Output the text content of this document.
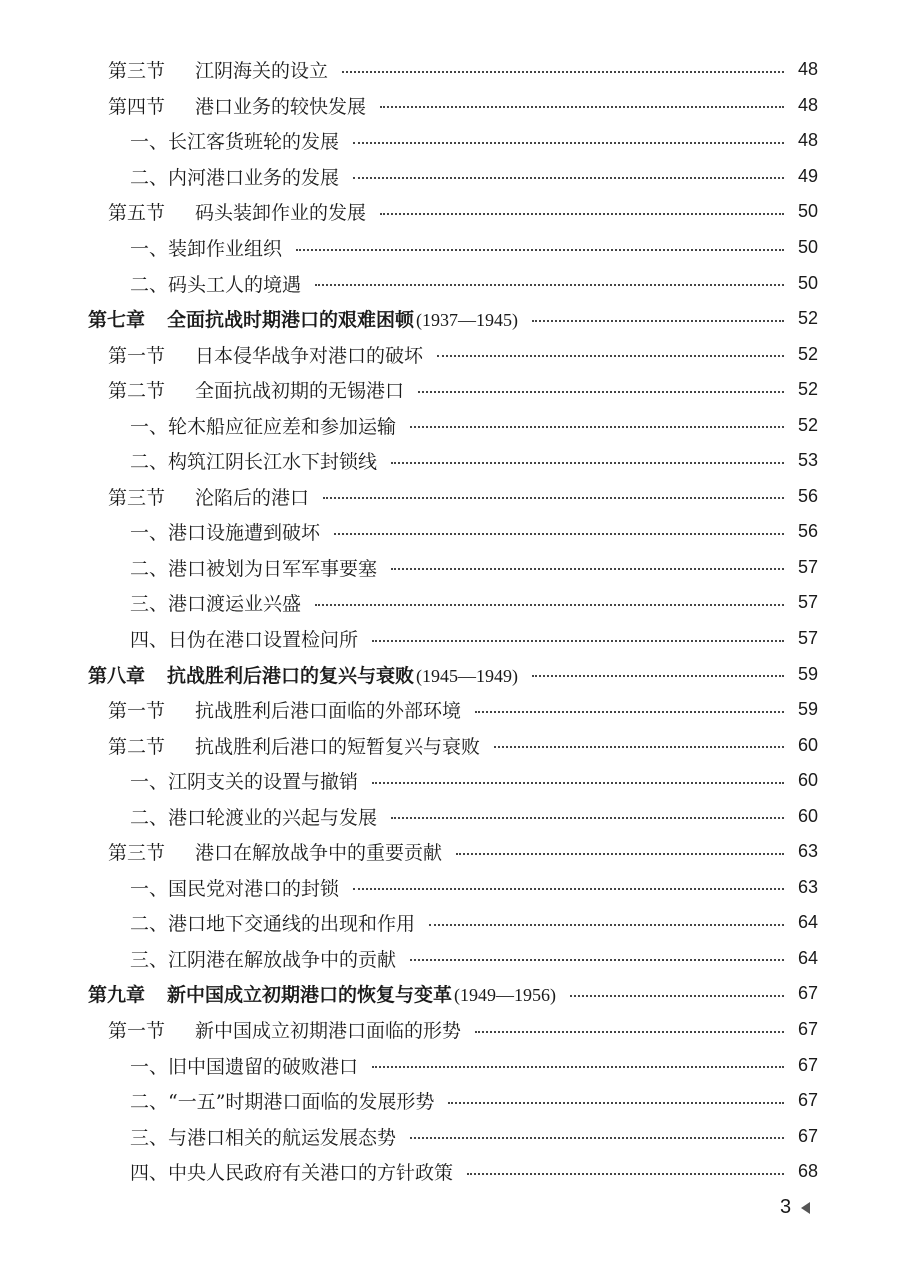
第三节 江阴海关的设立	48
第四节 港口业务的较快发展	48
一、长江客货班轮的发展	48
二、内河港口业务的发展	49
第五节 码头装卸作业的发展	50
一、装卸作业组织	50
二、码头工人的境遇	50
第七章 全面抗战时期港口的艰难困顿 (1937—1945)	52
第一节 日本侵华战争对港口的破坏	52
第二节 全面抗战初期的无锡港口	52
一、轮木船应征应差和参加运输	52
二、构筑江阴长江水下封锁线	53
第三节 沦陷后的港口	56
一、港口设施遭到破坏	56
二、港口被划为日军军事要塞	57
三、港口渡运业兴盛	57
四、日伪在港口设置检问所	57
第八章 抗战胜利后港口的复兴与衰败 (1945—1949)	59
第一节 抗战胜利后港口面临的外部环境	59
第二节 抗战胜利后港口的短暂复兴与衰败	60
一、江阴支关的设置与撤销	60
二、港口轮渡业的兴起与发展	60
第三节 港口在解放战争中的重要贡献	63
一、国民党对港口的封锁	63
二、港口地下交通线的出现和作用	64
三、江阴港在解放战争中的贡献	64
第九章 新中国成立初期港口的恢复与变革 (1949—1956)	67
第一节 新中国成立初期港口面临的形势	67
一、旧中国遗留的破败港口	67
二、“一五”时期港口面临的发展形势	67
三、与港口相关的航运发展态势	67
四、中央人民政府有关港口的方针政策	68
3
